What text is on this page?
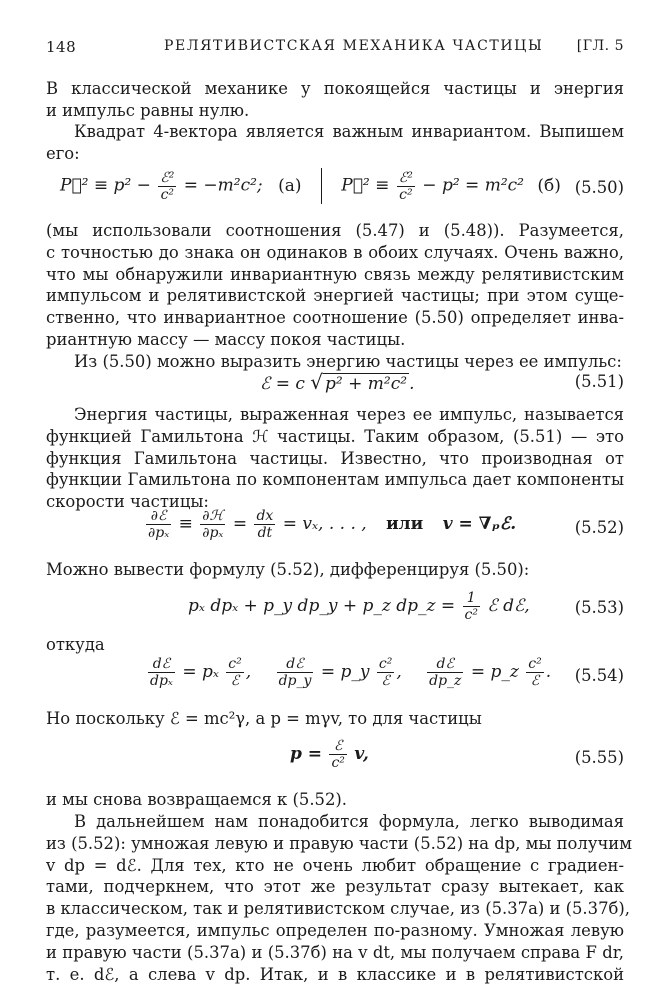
148	РЕЛЯТИВИСТСКАЯ МЕХАНИКА ЧАСТИЦЫ [ГЛ. 5
В классической механике у покоящейся частицы и энергия
и импульс равны нулю.
Квадрат 4-вектора является важным инвариантом. Выпишем
его:
P⃗² ≡ $p^2 - \frac{\text{ℰ²}}{\text{c²}} = -m^2c^2$; (а) P⃗² ≡ $\frac{\text{ℰ²}}{\text{c²}} - p^2 = m^2c^2$ (б) (5.50)
(мы использовали соотношения (5.47) и (5.48)). Разумеется,
с точностью до знака он одинаков в обоих случаях. Очень важно,
что мы обнаружили инвариантную связь между релятивистским
импульсом и релятивистской энергией частицы; при этом суще-
ственно, что инвариантное соотношение (5.50) определяет инва-
риантную массу — массу покоя частицы.
Из (5.50) можно выразить энергию частицы через ее импульс:
ℰ = c √ p² + m²c² .	(5.51)
Энергия частицы, выраженная через ее импульс, называется
функцией Гамильтона ℋ частицы. Таким образом, (5.51) — это
функция Гамильтона частицы. Известно, что производная от
функции Гамильтона по компонентам импульса дает компоненты
скорости частицы:
$\frac{\text{∂ℰ}}{\text{∂pₓ}} \equiv \frac{\text{∂ℋ}}{\text{∂pₓ}} = \frac{dx}{dt} = v_x$, . . . , или v = ∇ₚℰ.	(5.52)
Можно вывести формулу (5.52), дифференцируя (5.50):
pₓ dpₓ + p_y dp_y + p_z dp_z = $\frac{1}{\text{c²}}$ ℰ dℰ,	(5.53)
откуда
$\frac{\text{dℰ}}{\text{dpₓ}} = p_x \frac{\text{c²}}{\text{ℰ}}$ , $\frac{\text{dℰ}}{dp\_y}$ = p_y $\frac{\text{c²}}{\text{ℰ}}$ , $\frac{\text{dℰ}}{dp\_z}$ = p_z $\frac{\text{c²}}{\text{ℰ}}$ . (5.54)
Но поскольку ℰ = mc²γ, а p = mγv, то для частицы
$p = \frac{\text{ℰ}}{\text{c²}} v$,	(5.55)
и мы снова возвращаемся к (5.52).
В дальнейшем нам понадобится формула, легко выводимая
из (5.52): умножая левую и правую части (5.52) на dp, мы получим
v dp = dℰ. Для тех, кто не очень любит обращение с градиен-
тами, подчеркнем, что этот же результат сразу вытекает, как
в классическом, так и релятивистском случае, из (5.37а) и (5.37б),
где, разумеется, импульс определен по-разному. Умножая левую
и правую части (5.37а) и (5.37б) на v dt, мы получаем справа F dr,
т. е. dℰ, а слева v dp. Итак, и в классике и в релятивистской
